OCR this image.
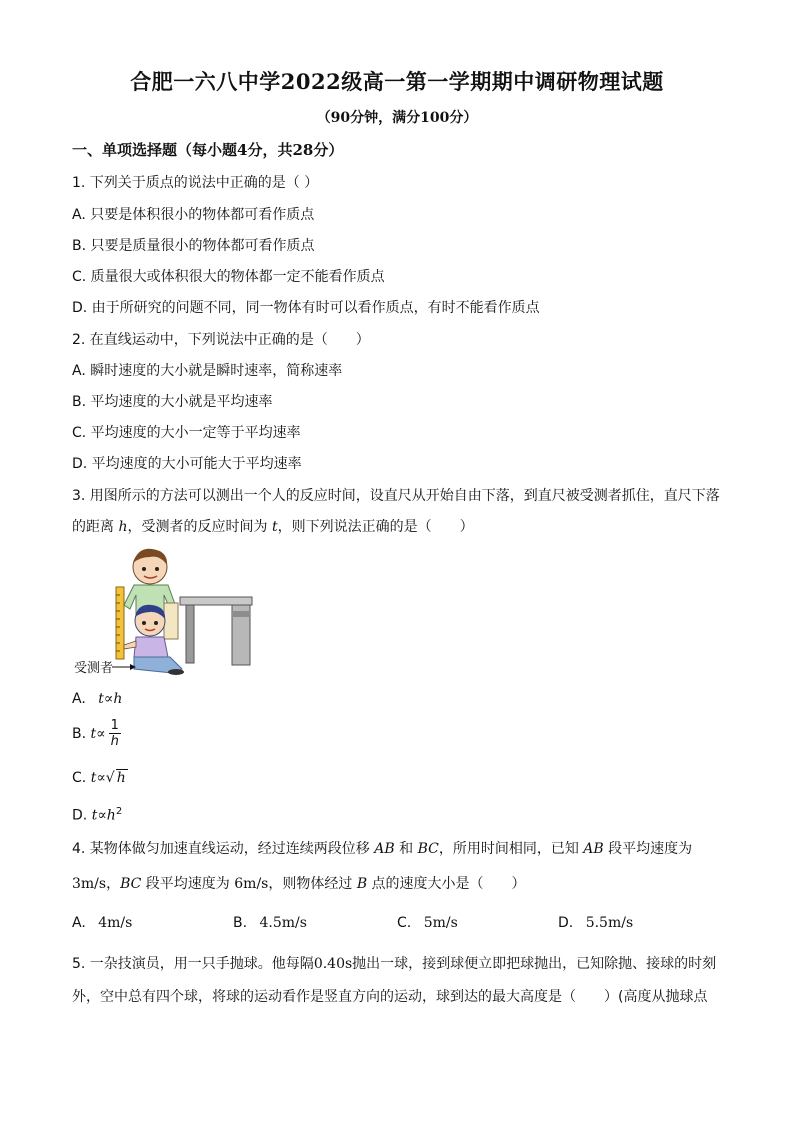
合肥一六八中学2022级高一第一学期期中调研物理试题
（90分钟，满分100分）
一、单项选择题（每小题4分，共28分）
1. 下列关于质点的说法中正确的是（ ）
A. 只要是体积很小的物体都可看作质点
B. 只要是质量很小的物体都可看作质点
C. 质量很大或体积很大的物体都一定不能看作质点
D. 由于所研究的问题不同，同一物体有时可以看作质点，有时不能看作质点
2. 在直线运动中，下列说法中正确的是（　　）
A. 瞬时速度的大小就是瞬时速率，简称速率
B. 平均速度的大小就是平均速率
C. 平均速度的大小一定等于平均速率
D. 平均速度的大小可能大于平均速率
3. 用图所示的方法可以测出一个人的反应时间，设直尺从开始自由下落，到直尺被受测者抓住，直尺下落
的距离 h，受测者的反应时间为 t，则下列说法正确的是（　　）
受测者
A. t∝h
B. $t\propto \frac{1}{h}$
C. t∝√ h
D. $t\propto h^2$
4. 某物体做匀加速直线运动，经过连续两段位移 AB 和 BC，所用时间相同，已知 AB 段平均速度为
3m/s，BC 段平均速度为 6m/s，则物体经过 B 点的速度大小是（　　）
A. 4m/s	B. 4.5m/s	C. 5m/s	D. 5.5m/s
5. 一杂技演员，用一只手抛球。他每隔0.40s抛出一球，接到球便立即把球抛出，已知除抛、接球的时刻
外，空中总有四个球，将球的运动看作是竖直方向的运动，球到达的最大高度是（　　）(高度从抛球点
